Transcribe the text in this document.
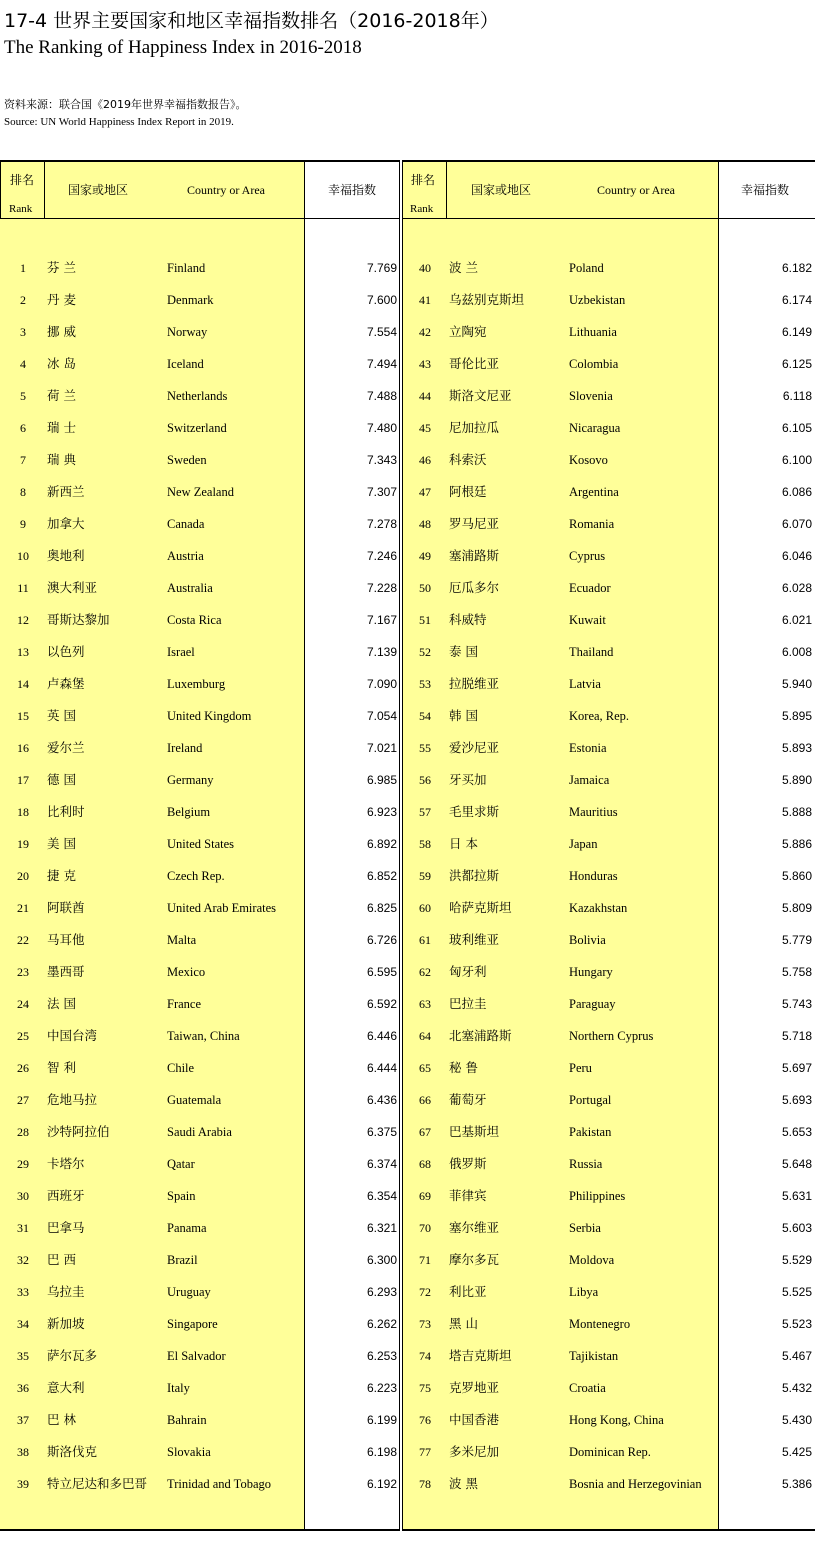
17-4 世界主要国家和地区幸福指数排名（2016-2018年）
The Ranking of Happiness Index in 2016-2018
资料来源：联合国《2019年世界幸福指数报告》。
Source: UN World Happiness Index Report in 2019.
排名
Rank
国家或地区	Country or Area	幸福指数
1	芬 兰	Finland	7.769
2	丹 麦	Denmark	7.600
3	挪 威	Norway	7.554
4	冰 岛	Iceland	7.494
5	荷 兰	Netherlands	7.488
6	瑞 士	Switzerland	7.480
7	瑞 典	Sweden	7.343
8	新西兰	New Zealand	7.307
9	加拿大	Canada	7.278
10	奥地利	Austria	7.246
11	澳大利亚	Australia	7.228
12	哥斯达黎加	Costa Rica	7.167
13	以色列	Israel	7.139
14	卢森堡	Luxemburg	7.090
15	英 国	United Kingdom	7.054
16	爱尔兰	Ireland	7.021
17	德 国	Germany	6.985
18	比利时	Belgium	6.923
19	美 国	United States	6.892
20	捷 克	Czech Rep.	6.852
21	阿联酋	United Arab Emirates	6.825
22	马耳他	Malta	6.726
23	墨西哥	Mexico	6.595
24	法 国	France	6.592
25	中国台湾	Taiwan, China	6.446
26	智 利	Chile	6.444
27	危地马拉	Guatemala	6.436
28	沙特阿拉伯	Saudi Arabia	6.375
29	卡塔尔	Qatar	6.374
30	西班牙	Spain	6.354
31	巴拿马	Panama	6.321
32	巴 西	Brazil	6.300
33	乌拉圭	Uruguay	6.293
34	新加坡	Singapore	6.262
35	萨尔瓦多	El Salvador	6.253
36	意大利	Italy	6.223
37	巴 林	Bahrain	6.199
38	斯洛伐克	Slovakia	6.198
39	特立尼达和多巴哥	Trinidad and Tobago	6.192
排名
Rank
国家或地区	Country or Area	幸福指数
40	波 兰	Poland	6.182
41	乌兹别克斯坦	Uzbekistan	6.174
42	立陶宛	Lithuania	6.149
43	哥伦比亚	Colombia	6.125
44	斯洛文尼亚	Slovenia	6.118
45	尼加拉瓜	Nicaragua	6.105
46	科索沃	Kosovo	6.100
47	阿根廷	Argentina	6.086
48	罗马尼亚	Romania	6.070
49	塞浦路斯	Cyprus	6.046
50	厄瓜多尔	Ecuador	6.028
51	科威特	Kuwait	6.021
52	泰 国	Thailand	6.008
53	拉脱维亚	Latvia	5.940
54	韩 国	Korea, Rep.	5.895
55	爱沙尼亚	Estonia	5.893
56	牙买加	Jamaica	5.890
57	毛里求斯	Mauritius	5.888
58	日 本	Japan	5.886
59	洪都拉斯	Honduras	5.860
60	哈萨克斯坦	Kazakhstan	5.809
61	玻利维亚	Bolivia	5.779
62	匈牙利	Hungary	5.758
63	巴拉圭	Paraguay	5.743
64	北塞浦路斯	Northern Cyprus	5.718
65	秘 鲁	Peru	5.697
66	葡萄牙	Portugal	5.693
67	巴基斯坦	Pakistan	5.653
68	俄罗斯	Russia	5.648
69	菲律宾	Philippines	5.631
70	塞尔维亚	Serbia	5.603
71	摩尔多瓦	Moldova	5.529
72	利比亚	Libya	5.525
73	黑 山	Montenegro	5.523
74	塔吉克斯坦	Tajikistan	5.467
75	克罗地亚	Croatia	5.432
76	中国香港	Hong Kong, China	5.430
77	多米尼加	Dominican Rep.	5.425
78	波 黑	Bosnia and Herzegovinian	5.386
